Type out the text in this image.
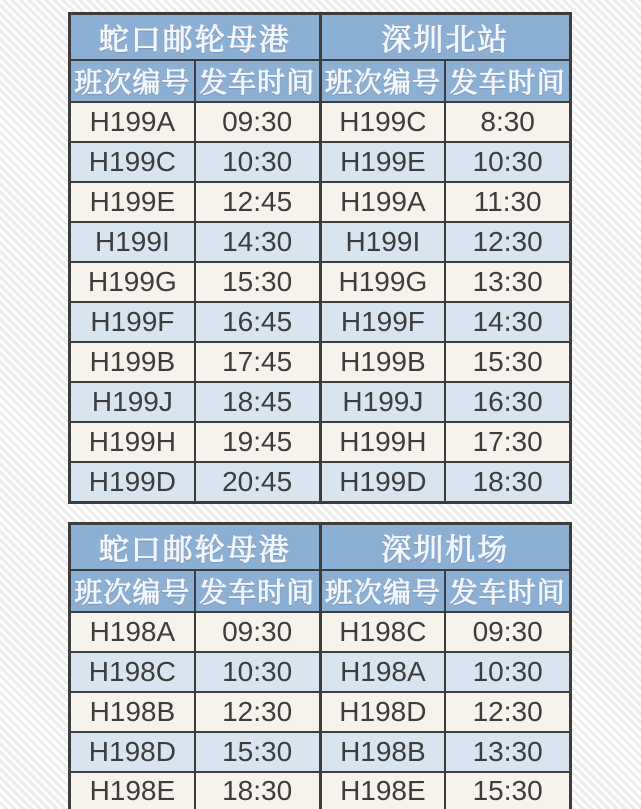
蛇口邮轮母港		深圳北站	
班次编号	发车时间	班次编号	发车时间
H199A	09:30	H199C	8:30
H199C	10:30	H199E	10:30
H199E	12:45	H199A	11:30
H199I	14:30	H199I	12:30
H199G	15:30	H199G	13:30
H199F	16:45	H199F	14:30
H199B	17:45	H199B	15:30
H199J	18:45	H199J	16:30
H199H	19:45	H199H	17:30
H199D	20:45	H199D	18:30
蛇口邮轮母港		深圳机场	
班次编号	发车时间	班次编号	发车时间
H198A	09:30	H198C	09:30
H198C	10:30	H198A	10:30
H198B	12:30	H198D	12:30
H198D	15:30	H198B	13:30
H198E	18:30	H198E	15:30
